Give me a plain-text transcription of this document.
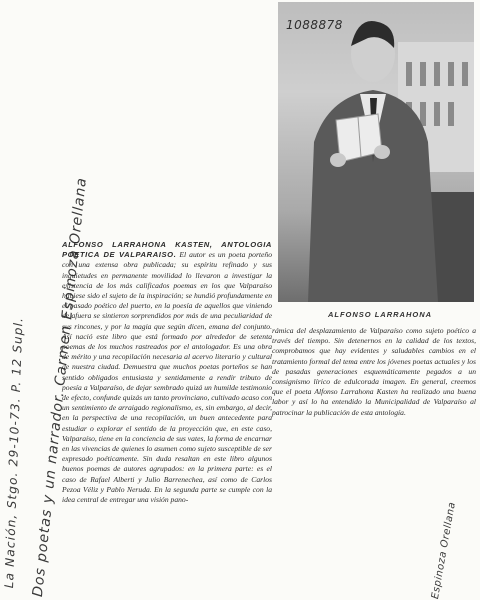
La Nación, Stgo. 29-10-73. P. 12 Supl. Dos poetas y un narrador. Carmen Espinoza Orellana	Espinoza Orellana
1088878
ALFONSO LARRAHONA
ALFONSO LARRAHONA KASTEN, ANTOLOGIA POETICA DE VALPARAISO. El autor es un poeta porteño con una extensa obra publicada; su espíritu refinado y sus inquietudes en permanente movilidad lo llevaron a investigar la existencia de los más calificados poemas en los que Valparaíso hubiese sido el sujeto de la inspiración; se hundió profundamente en el pasado poético del puerto, en la poesía de aquellos que viniendo de afuera se sintieron sorprendidos por más de una peculiaridad de sus rincones, y por la magia que según dicen, emana del conjunto. Así nació este libro que está formado por alrededor de setenta poemas de los muchos rastreados por el antologador. Es una obra de mérito y una recopilación necesaria al acervo literario y cultural de nuestra ciudad. Demuestra que muchos poetas porteños se han sentido obligados entusiasta y sentidamente a rendir tributo de poesía a Valparaíso, de dejar sembrado quizá un humilde testimonio de efecto, confunde quizás un tanto provinciano, cultivado acaso con un sentimiento de arraigado regionalismo, es, sin embargo, al decir, en la perspectiva de una recopilación, un buen antecedente para estudiar o explorar el sentido de la proyección que, en este caso, Valparaíso, tiene en la conciencia de sus vates, la forma de encarnar en las vivencias de quienes lo asumen como sujeto susceptible de ser expresado poéticamente. Sin duda resaltan en este libro algunos buenos poemas de autores agrupados: en la primera parte: es el caso de Rafael Alberti y Julio Barrenechea, así como de Carlos Pezoa Véliz y Pablo Neruda. En la segunda parte se cumple con la idea central de entregar una visión pano-
rámica del desplazamiento de Valparaíso como sujeto poético a través del tiempo. Sin detenernos en la calidad de los textos, comprobamos que hay evidentes y saludables cambios en el tratamiento formal del tema entre los jóvenes poetas actuales y los de pasadas generaciones esquemáticamente pegados a un consignismo lírico de edulcorada imagen. En general, creemos que el poeta Alfonso Larrahona Kasten ha realizado una buena labor y así lo ha entendido la Municipalidad de Valparaíso al patrocinar la publicación de esta antología.
